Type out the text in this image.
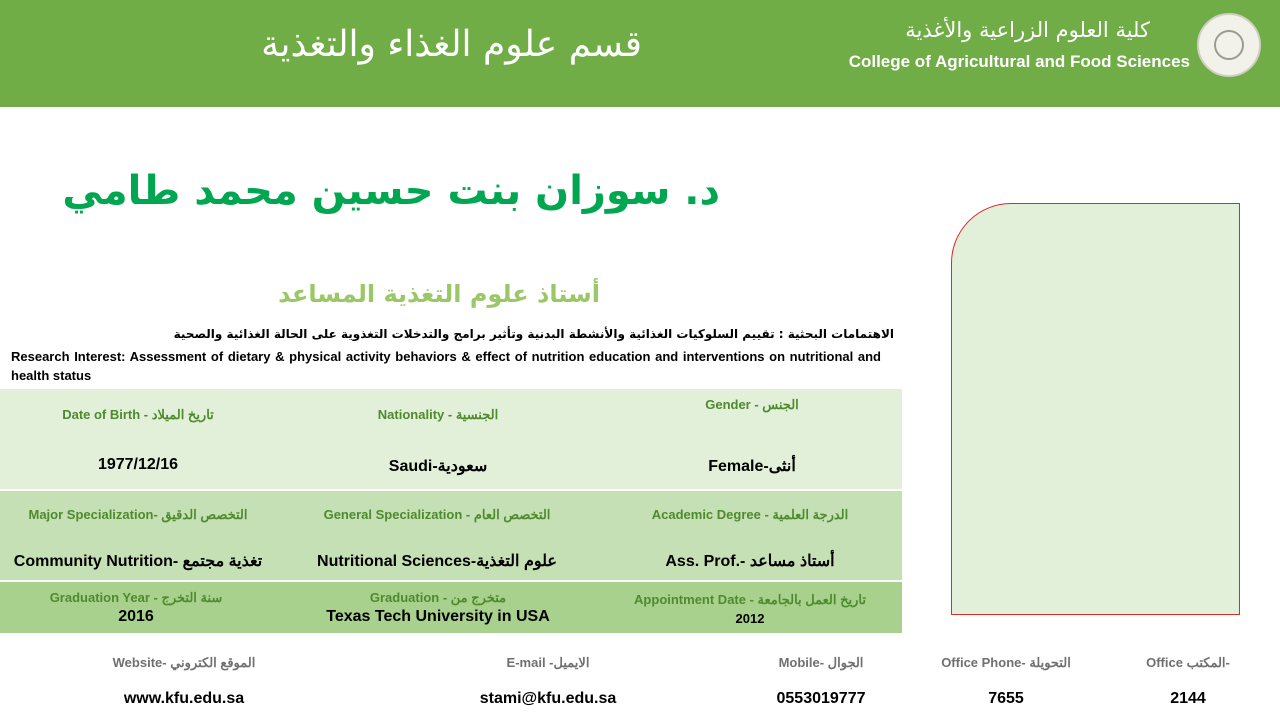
قسم علوم الغذاء والتغذية	كلية العلوم الزراعية والأغذية
College of Agricultural and Food Sciences
د. سوزان بنت حسين محمد طامي
أستاذ علوم التغذية المساعد
الاهتمامات البحثية : تقييم السلوكيات الغذائية والأنشطة البدنية وتأثير برامج والتدخلات التغذوية على الحالة الغذائية والصحية
Research Interest: Assessment of dietary & physical activity behaviors & effect of nutrition education and interventions on nutritional and health status
Date of Birth - تاريخ الميلاد
1977/12/16
Nationality - الجنسية
Saudi-سعودية
Gender - الجنس
Female-أنثى
Major Specialization- التخصص الدقيق
Community Nutrition- تغذية مجتمع
General Specialization - التخصص العام
Nutritional Sciences-علوم التغذية
Academic Degree - الدرجة العلمية
Ass. Prof.- أستاذ مساعد
Graduation Year - سنة التخرج
2016
Graduation - متخرج من
Texas Tech University in USA
Appointment Date - تاريخ العمل بالجامعة
2012
Website- الموقع الكتروني
www.kfu.edu.sa
E-mail -الايميل
stami@kfu.edu.sa
Mobile- الجوال
0553019777
Office Phone- التحويلة
7655
Office المكتب-
2144
